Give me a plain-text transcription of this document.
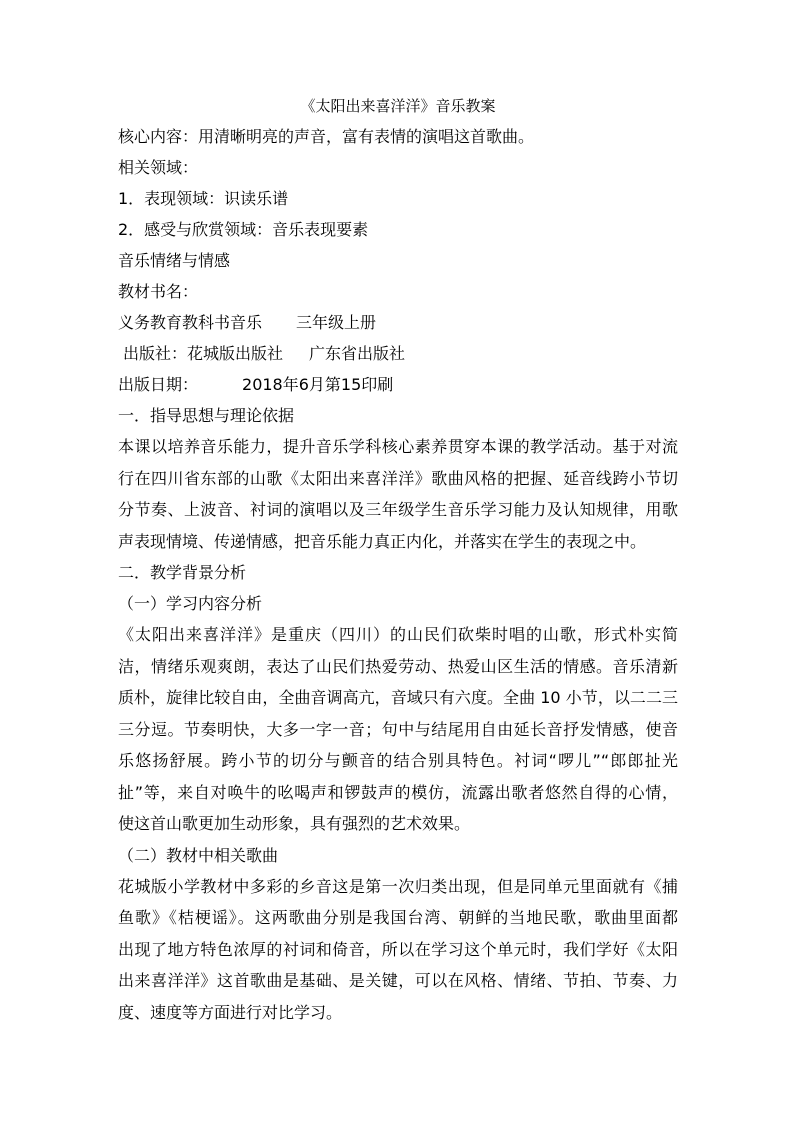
《太阳出来喜洋洋》音乐教案
核心内容：用清晰明亮的声音，富有表情的演唱这首歌曲。
相关领域：
1．表现领域：识读乐谱
2．感受与欣赏领域：音乐表现要素
音乐情绪与情感
教材书名：
义务教育教科书音乐 三年级上册
出版社：花城版出版社 广东省出版社
出版日期：	2018年6月第15印刷
一．指导思想与理论依据
本课以培养音乐能力，提升音乐学科核心素养贯穿本课的教学活动。基于对流
行在四川省东部的山歌《太阳出来喜洋洋》歌曲风格的把握、延音线跨小节切
分节奏、上波音、衬词的演唱以及三年级学生音乐学习能力及认知规律，用歌
声表现情境、传递情感，把音乐能力真正内化，并落实在学生的表现之中。
二．教学背景分析
（一）学习内容分析
《太阳出来喜洋洋》是重庆（四川）的山民们砍柴时唱的山歌，形式朴实简
洁，情绪乐观爽朗，表达了山民们热爱劳动、热爱山区生活的情感。音乐清新
质朴，旋律比较自由，全曲音调高亢，音域只有六度。全曲 10 小节，以二二三
三分逗。节奏明快，大多一字一音；句中与结尾用自由延长音抒发情感，使音
乐悠扬舒展。跨小节的切分与颤音的结合别具特色。衬词“啰儿”“郎郎扯光
扯”等，来自对唤牛的吆喝声和锣鼓声的模仿，流露出歌者悠然自得的心情，
使这首山歌更加生动形象，具有强烈的艺术效果。
（二）教材中相关歌曲
花城版小学教材中多彩的乡音这是第一次归类出现，但是同单元里面就有《捕
鱼歌》《桔梗谣》。这两歌曲分别是我国台湾、朝鲜的当地民歌，歌曲里面都
出现了地方特色浓厚的衬词和倚音，所以在学习这个单元时，我们学好《太阳
出来喜洋洋》这首歌曲是基础、是关键，可以在风格、情绪、节拍、节奏、力
度、速度等方面进行对比学习。
